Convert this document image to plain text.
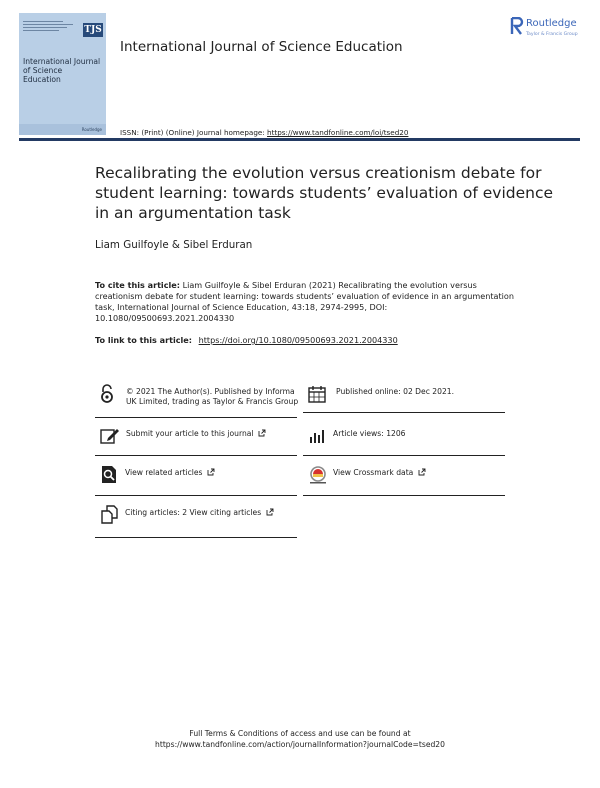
TJS
International Journal of Science Education
Routledge
International Journal of Science Education
Routledge
Taylor & Francis Group
ISSN: (Print) (Online) Journal homepage: https://www.tandfonline.com/loi/tsed20
Recalibrating the evolution versus creationism debate for student learning: towards students’ evaluation of evidence in an argumentation task
Liam Guilfoyle & Sibel Erduran
To cite this article: Liam Guilfoyle & Sibel Erduran (2021) Recalibrating the evolution versus creationism debate for student learning: towards students’ evaluation of evidence in an argumentation task, International Journal of Science Education, 43:18, 2974-2995, DOI: 10.1080/09500693.2021.2004330
To link to this article: https://doi.org/10.1080/09500693.2021.2004330
© 2021 The Author(s). Published by Informa UK Limited, trading as Taylor & Francis Group
Published online: 02 Dec 2021.
Submit your article to this journal	Article views: 1206
View related articles	View Crossmark data
Citing articles: 2 View citing articles
Full Terms & Conditions of access and use can be found at
https://www.tandfonline.com/action/journalInformation?journalCode=tsed20
